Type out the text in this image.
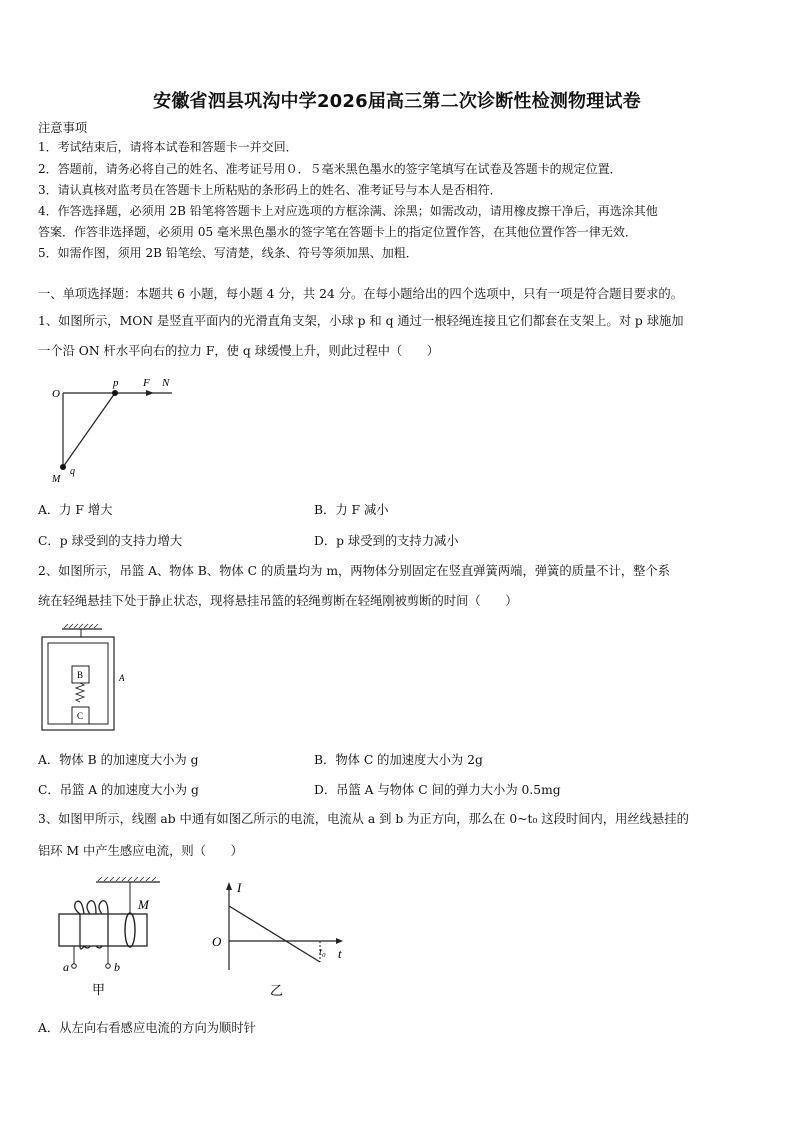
安徽省泗县巩沟中学2026届高三第二次诊断性检测物理试卷
注意事项
1．考试结束后，请将本试卷和答题卡一并交回．
2．答题前，请务必将自己的姓名、准考证号用０．５毫米黑色墨水的签字笔填写在试卷及答题卡的规定位置．
3．请认真核对监考员在答题卡上所粘贴的条形码上的姓名、准考证号与本人是否相符．
4．作答选择题，必须用 2B 铅笔将答题卡上对应选项的方框涂满、涂黑；如需改动，请用橡皮擦干净后，再选涂其他
答案．作答非选择题，必须用 05 毫米黑色墨水的签字笔在答题卡上的指定位置作答，在其他位置作答一律无效．
5．如需作图，须用 2B 铅笔绘、写清楚，线条、符号等须加黑、加粗．
一、单项选择题：本题共 6 小题，每小题 4 分，共 24 分。在每小题给出的四个选项中，只有一项是符合题目要求的。
1、如图所示，MON 是竖直平面内的光滑直角支架，小球 p 和 q 通过一根轻绳连接且它们都套在支架上。对 p 球施加
一个沿 ON 杆水平向右的拉力 F，使 q 球缓慢上升，则此过程中（　　）
O
p F N
M
q
A．力 F 增大	B．力 F 减小
C．p 球受到的支持力增大	D．p 球受到的支持力减小
2、如图所示，吊篮 A、物体 B、物体 C 的质量均为 m，两物体分别固定在竖直弹簧两端，弹簧的质量不计，整个系
统在轻绳悬挂下处于静止状态，现将悬挂吊篮的轻绳剪断在轻绳刚被剪断的时间（　　）
B
C
A
A．物体 B 的加速度大小为 g	B．物体 C 的加速度大小为 2g
C．吊篮 A 的加速度大小为 g	D．吊篮 A 与物体 C 间的弹力大小为 0.5mg
3、如图甲所示，线圈 ab 中通有如图乙所示的电流，电流从 a 到 b 为正方向，那么在 0~t₀ 这段时间内，用丝线悬挂的
铝环 M 中产生感应电流，则（　　）
a	b
M
甲
I
O
t₀ t
乙
A．从左向右看感应电流的方向为顺时针
